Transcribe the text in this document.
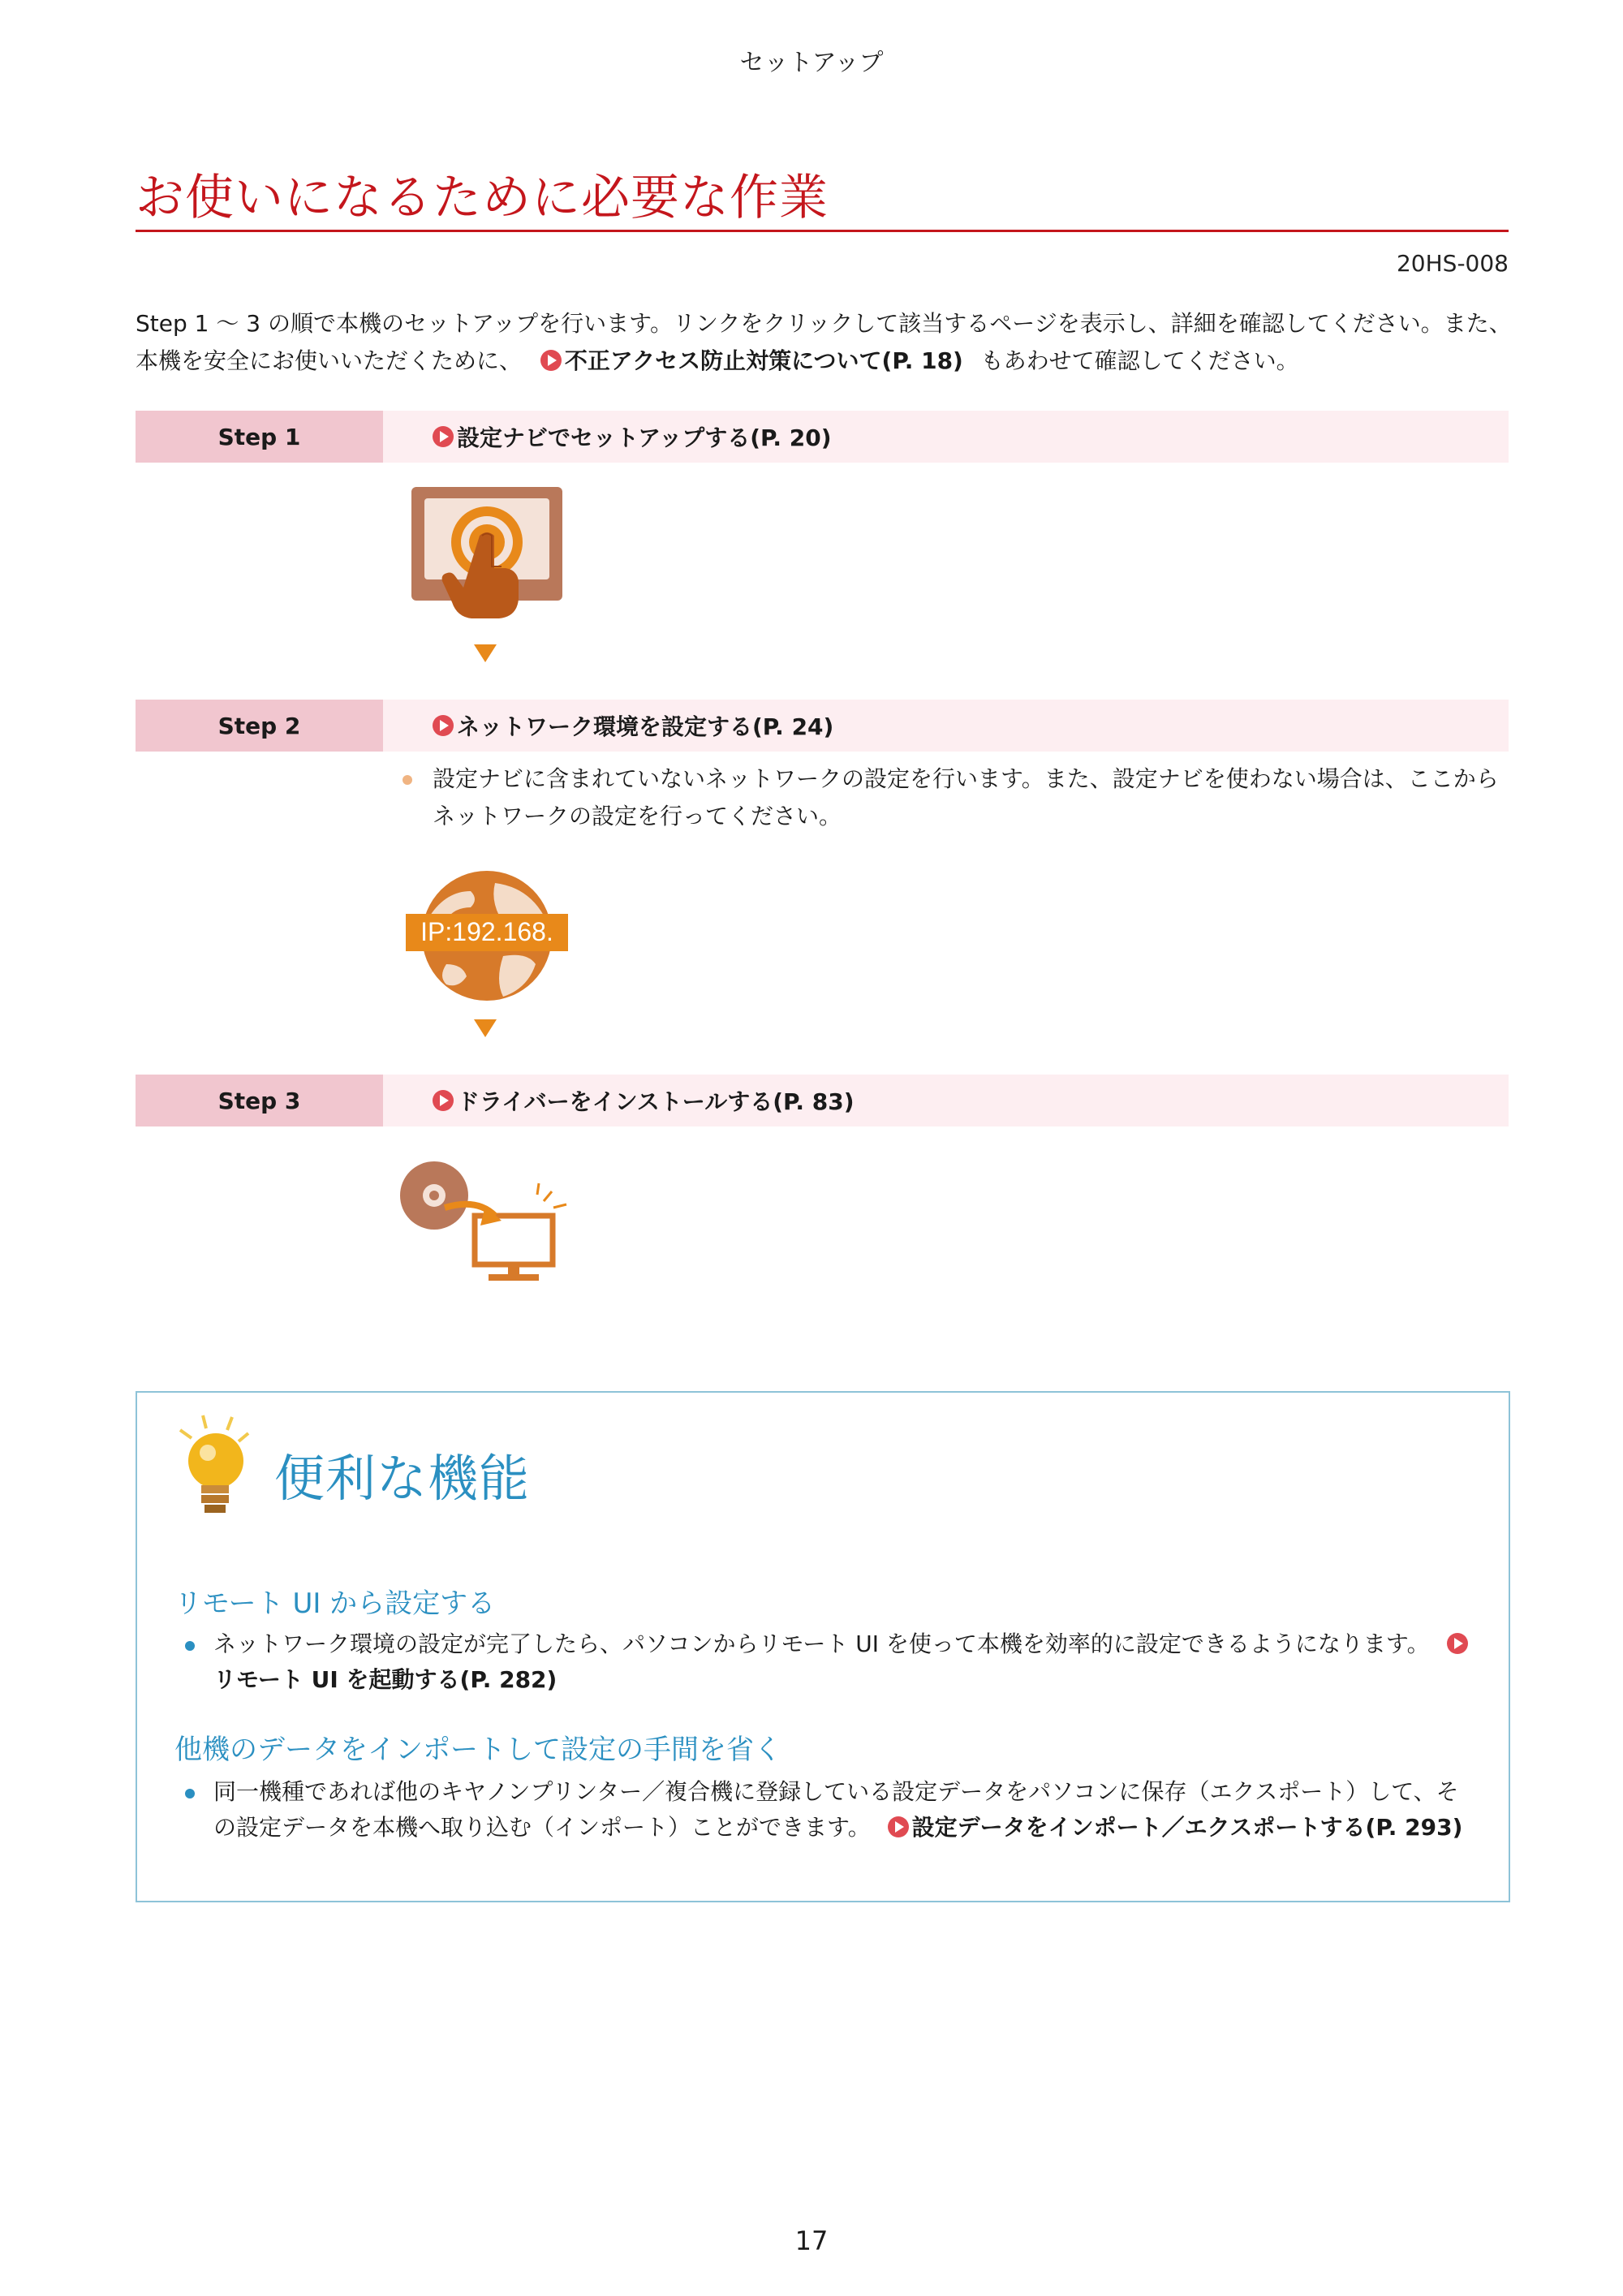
セットアップ
お使いになるために必要な作業
20HS-008
Step 1 〜 3 の順で本機のセットアップを行います。リンクをクリックして該当するページを表示し、詳細を確認してください。また、本機を安全にお使いいただくために、 不正アクセス防止対策について(P. 18) もあわせて確認してください。
Step 1	設定ナビでセットアップする(P. 20)
Step 2	ネットワーク環境を設定する(P. 24)
設定ナビに含まれていないネットワークの設定を行います。また、設定ナビを使わない場合は、ここからネットワークの設定を行ってください。
IP:192.168.
Step 3	ドライバーをインストールする(P. 83)
便利な機能
リモート UI から設定する
ネットワーク環境の設定が完了したら、パソコンからリモート UI を使って本機を効率的に設定できるようになります。 リモート UI を起動する(P. 282)
他機のデータをインポートして設定の手間を省く
同一機種であれば他のキヤノンプリンター／複合機に登録している設定データをパソコンに保存（エクスポート）して、その設定データを本機へ取り込む（インポート）ことができます。 設定データをインポート／エクスポートする(P. 293)
17
